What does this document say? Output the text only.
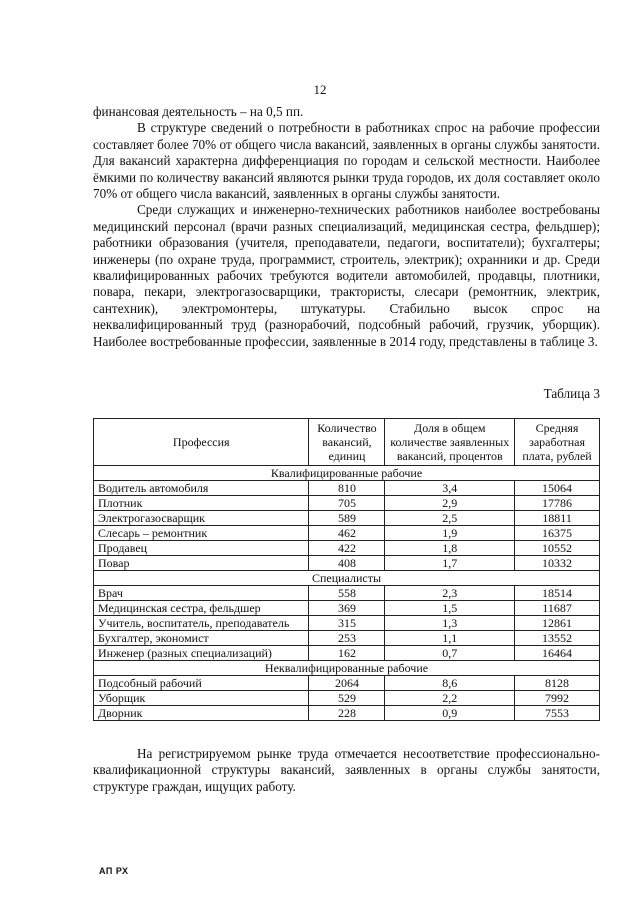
12

финансовая деятельность – на 0,5 пп.

В структуре сведений о потребности в работниках спрос на рабочие профессии составляет более 70% от общего числа вакансий, заявленных в органы службы занятости. Для вакансий характерна дифференциация по городам и сельской местности. Наиболее ёмкими по количеству вакансий являются рынки труда городов, их доля составляет около 70% от общего числа вакансий, заявленных в органы службы занятости.

Среди служащих и инженерно-технических работников наиболее востребованы медицинский персонал (врачи разных специализаций, медицинская сестра, фельдшер); работники образования (учителя, преподаватели, педагоги, воспитатели); бухгалтеры; инженеры (по охране труда, программист, строитель, электрик); охранники и др. Среди квалифицированных рабочих требуются водители автомобилей, продавцы, плотники, повара, пекари, электрогазосварщики, трактористы, слесари (ремонтник, электрик, сантехник), электромонтеры, штукатуры. Стабильно высок спрос на неквалифицированный труд (разнорабочий, подсобный рабочий, грузчик, уборщик). Наиболее востребованные профессии, заявленные в 2014 году, представлены в таблице 3.

Таблица 3
Профессия	Количество вакансий, единиц	Доля в общем количестве заявленных вакансий, процентов	Средняя заработная плата, рублей
Квалифицированные рабочие			
Водитель автомобиля	810	3,4	15064
Плотник	705	2,9	17786
Электрогазосварщик	589	2,5	18811
Слесарь – ремонтник	462	1,9	16375
Продавец	422	1,8	10552
Повар	408	1,7	10332
Специалисты			
Врач	558	2,3	18514
Медицинская сестра, фельдшер	369	1,5	11687
Учитель, воспитатель, преподаватель	315	1,3	12861
Бухгалтер, экономист	253	1,1	13552
Инженер (разных специализаций)	162	0,7	16464
Неквалифицированные рабочие			
Подсобный рабочий	2064	8,6	8128
Уборщик	529	2,2	7992
Дворник	228	0,9	7553

На регистрируемом рынке труда отмечается несоответствие профессионально-квалификационной структуры вакансий, заявленных в органы службы занятости, структуре граждан, ищущих работу.

АП РХ
